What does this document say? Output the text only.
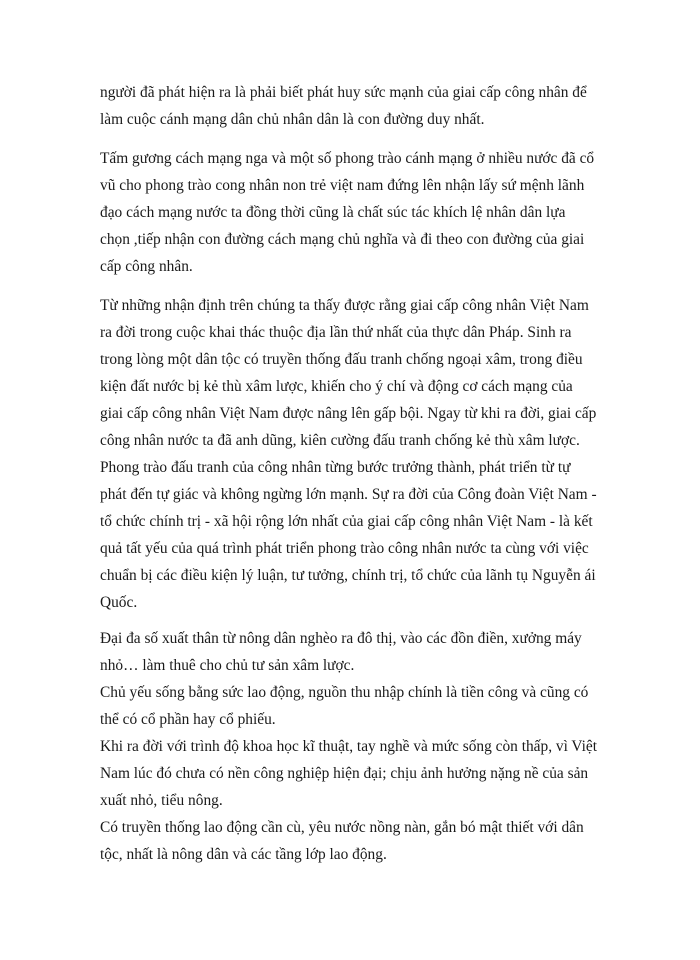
người đã phát hiện ra là phải biết phát huy sức mạnh của giai cấp công nhân để
làm cuộc cánh mạng dân chủ nhân dân là con đường duy nhất.
Tấm gương cách mạng nga và một số phong trào cánh mạng ở nhiều nước đã cổ
vũ cho phong trào cong nhân non trẻ việt nam đứng lên nhận lấy sứ mệnh lãnh
đạo cách mạng nước ta đồng thời cũng là chất súc tác khích lệ nhân dân lựa
chọn ,tiếp nhận con đường cách mạng chủ nghĩa và đi theo con đường của giai
cấp công nhân.
Từ những nhận định trên chúng ta thấy được rằng giai cấp công nhân Việt Nam
ra đời trong cuộc khai thác thuộc địa lần thứ nhất của thực dân Pháp. Sinh ra
trong lòng một dân tộc có truyền thống đấu tranh chống ngoại xâm, trong điều
kiện đất nước bị kẻ thù xâm lược, khiến cho ý chí và động cơ cách mạng của
giai cấp công nhân Việt Nam được nâng lên gấp bội. Ngay từ khi ra đời, giai cấp
công nhân nước ta đã anh dũng, kiên cường đấu tranh chống kẻ thù xâm lược.
Phong trào đấu tranh của công nhân từng bước trưởng thành, phát triển từ tự
phát đến tự giác và không ngừng lớn mạnh. Sự ra đời của Công đoàn Việt Nam -
tổ chức chính trị - xã hội rộng lớn nhất của giai cấp công nhân Việt Nam - là kết
quả tất yếu của quá trình phát triển phong trào công nhân nước ta cùng với việc
chuẩn bị các điều kiện lý luận, tư tưởng, chính trị, tổ chức của lãnh tụ Nguyễn ái
Quốc.
Đại đa số xuất thân từ nông dân nghèo ra đô thị, vào các đồn điền, xưởng máy
nhỏ… làm thuê cho chủ tư sản xâm lược.
Chủ yếu sống bằng sức lao động, nguồn thu nhập chính là tiền công và cũng có
thể có cổ phần hay cổ phiếu.
Khi ra đời với trình độ khoa học kĩ thuật, tay nghề và mức sống còn thấp, vì Việt
Nam lúc đó chưa có nền công nghiệp hiện đại; chịu ảnh hưởng nặng nề của sản
xuất nhỏ, tiểu nông.
Có truyền thống lao động cần cù, yêu nước nồng nàn, gắn bó mật thiết với dân
tộc, nhất là nông dân và các tầng lớp lao động.
